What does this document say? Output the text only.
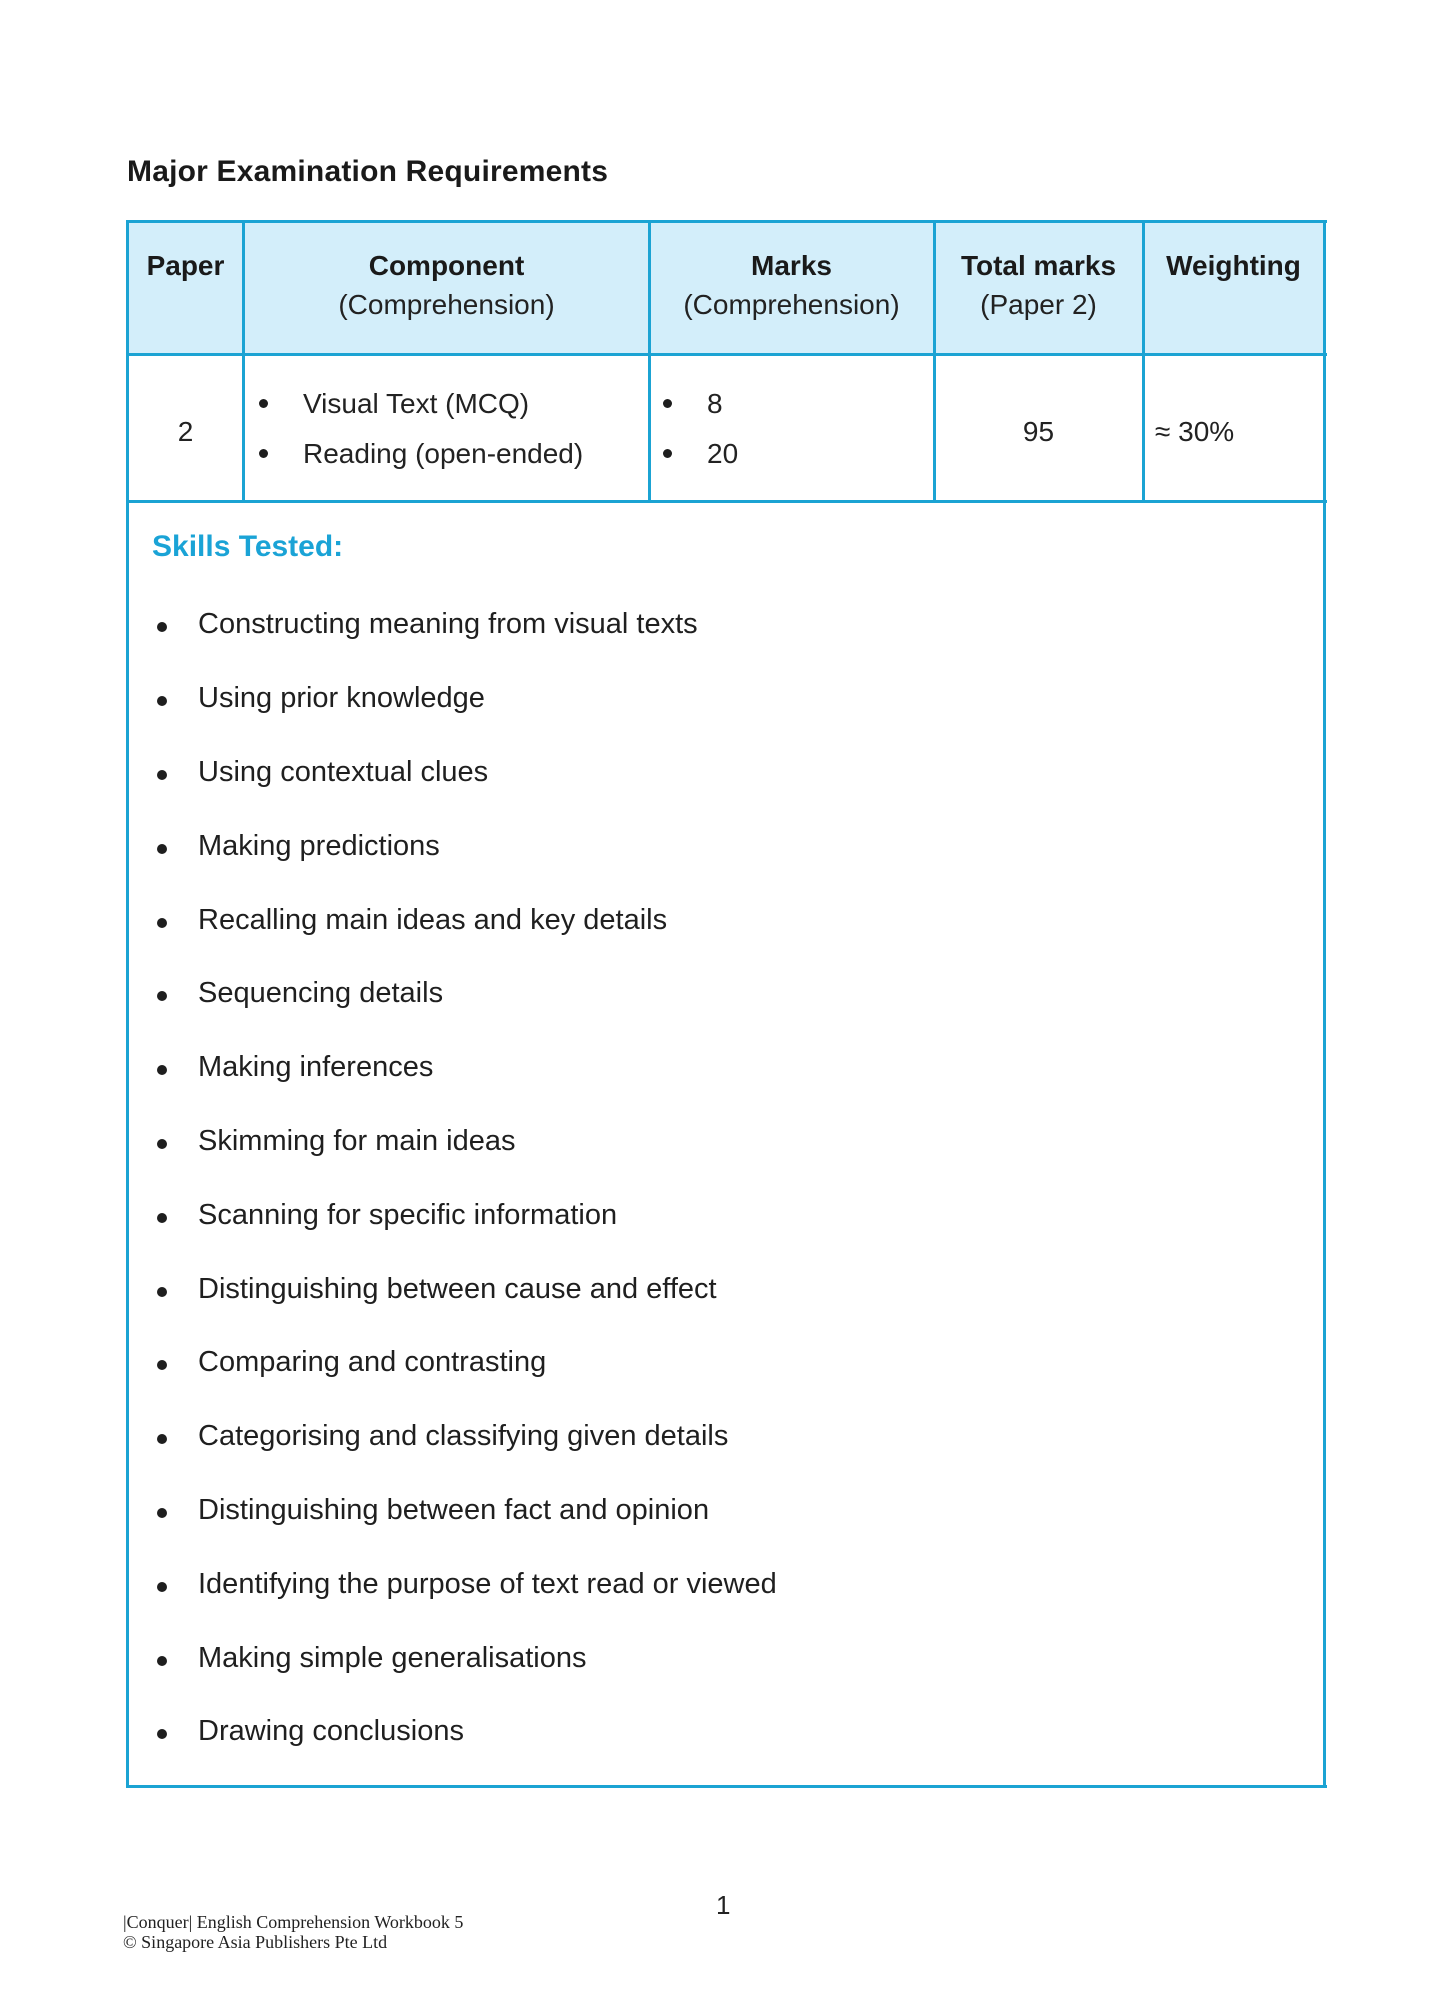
Major Examination Requirements
Paper	Component
(Comprehension)
Marks
(Comprehension)
Total marks
(Paper 2)
Weighting
2
Visual Text (MCQ)
Reading (open-ended)
8
20
95	≈ 30%
Skills Tested:
Constructing meaning from visual texts
Using prior knowledge
Using contextual clues
Making predictions
Recalling main ideas and key details
Sequencing details
Making inferences
Skimming for main ideas
Scanning for specific information
Distinguishing between cause and effect
Comparing and contrasting
Categorising and classifying given details
Distinguishing between fact and opinion
Identifying the purpose of text read or viewed
Making simple generalisations
Drawing conclusions
|Conquer| English Comprehension Workbook 5
© Singapore Asia Publishers Pte Ltd
1
